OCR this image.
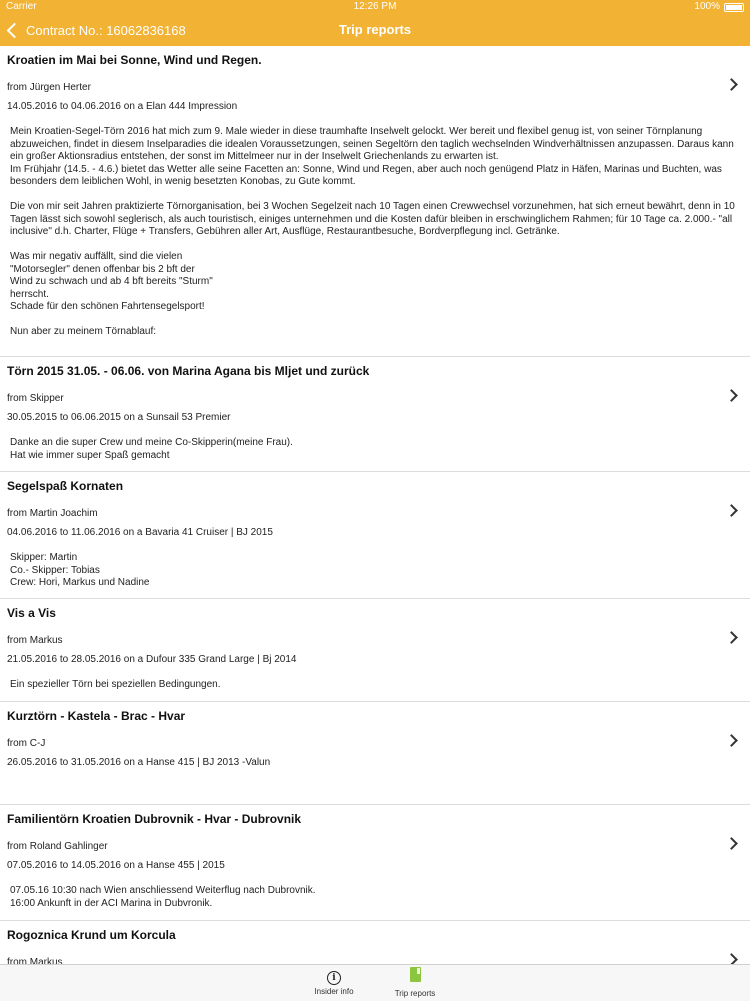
Carrier	12:26 PM	100%
Contract No.: 16062836168	Trip reports
Kroatien im Mai bei Sonne, Wind und Regen.
from Jürgen Herter
14.05.2016 to 04.06.2016 on a Elan 444 Impression
Mein Kroatien-Segel-Törn 2016 hat mich zum 9. Male wieder in diese traumhafte Inselwelt gelockt. Wer bereit und flexibel genug ist, von seiner Törnplanung abzuweichen, findet in diesem Inselparadies die idealen Voraussetzungen, seinen Segeltörn den taglich wechselnden Windverhältnissen anzupassen. Daraus kann ein großer Aktionsradius entstehen, der sonst im Mittelmeer nur in der Inselwelt Griechenlands zu erwarten ist.
Im Frühjahr (14.5. - 4.6.) bietet das Wetter alle seine Facetten an: Sonne, Wind und Regen, aber auch noch genügend Platz in Häfen, Marinas und Buchten, was besonders dem leiblichen Wohl, in wenig besetzten Konobas, zu Gute kommt.

Die von mir seit Jahren praktizierte Törnorganisation, bei 3 Wochen Segelzeit nach 10 Tagen einen Crewwechsel vorzunehmen, hat sich erneut bewährt, denn in 10 Tagen lässt sich sowohl seglerisch, als auch touristisch, einiges unternehmen und die Kosten dafür bleiben in erschwinglichem Rahmen; für 10 Tage ca. 2.000.- "all inclusive" d.h. Charter, Flüge + Transfers, Gebühren aller Art, Ausflüge, Restaurantbesuche, Bordverpflegung incl. Getränke.

Was mir negativ auffällt, sind die vielen
"Motorsegler" denen offenbar bis 2 bft der
Wind zu schwach und ab 4 bft bereits "Sturm"
herrscht.
Schade für den schönen Fahrtensegelsport!

Nun aber zu meinem Törnablauf:
Törn 2015 31.05. - 06.06. von Marina Agana bis Mljet und zurück
from Skipper
30.05.2015 to 06.06.2015 on a Sunsail 53 Premier
Danke an die super Crew und meine Co-Skipperin(meine Frau).
Hat wie immer super Spaß gemacht
Segelspaß Kornaten
from Martin Joachim
04.06.2016 to 11.06.2016 on a Bavaria 41 Cruiser | BJ 2015
Skipper: Martin
Co.- Skipper: Tobias
Crew: Hori, Markus und Nadine
Vis a Vis
from Markus
21.05.2016 to 28.05.2016 on a Dufour 335 Grand Large | Bj 2014
Ein spezieller Törn bei speziellen Bedingungen.
Kurztörn - Kastela - Brac - Hvar
from C-J
26.05.2016 to 31.05.2016 on a Hanse 415 | BJ 2013 -Valun

Familientörn Kroatien Dubrovnik - Hvar - Dubrovnik
from Roland Gahlinger
07.05.2016 to 14.05.2016 on a Hanse 455 | 2015
07.05.16 10:30 nach Wien anschliessend Weiterflug nach Dubrovnik.
16:00 Ankunft in der ACI Marina in Dubvronik.
Rogoznica Krund um Korcula
from Markus
i
Insider info	Trip reports
